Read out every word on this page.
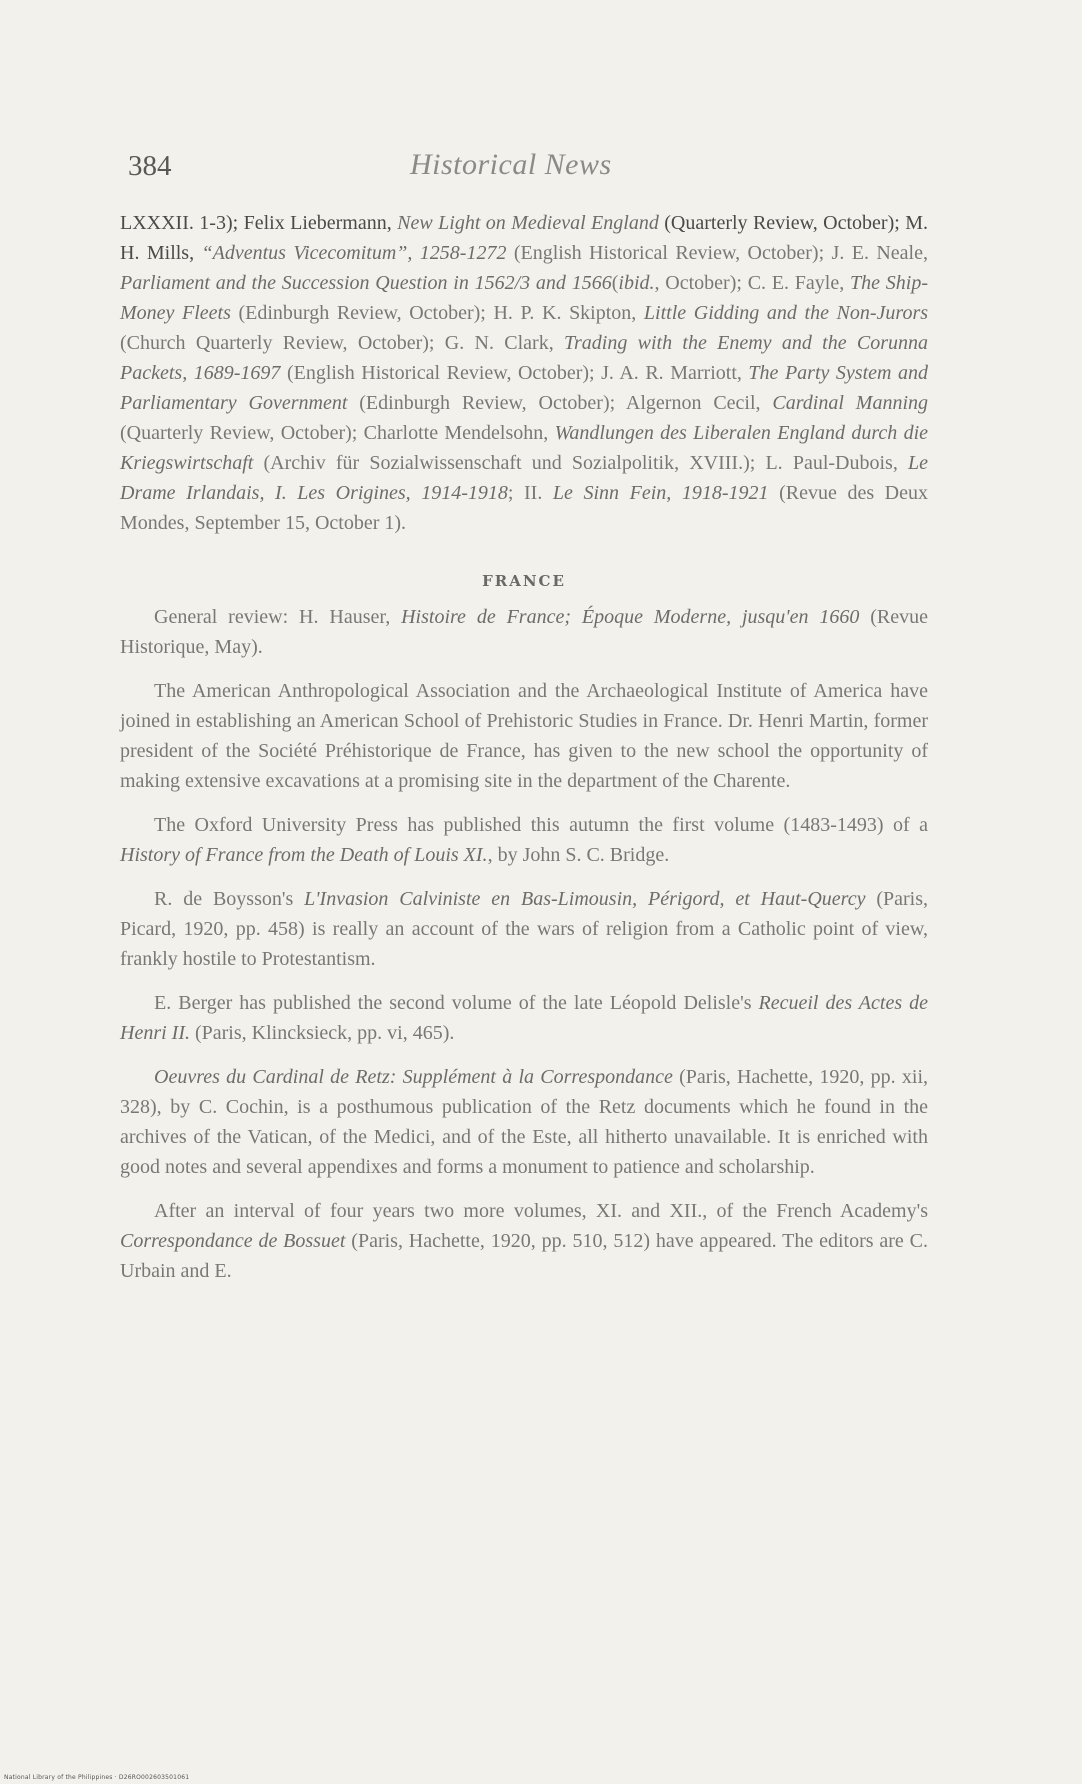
384	Historical News

LXXXII. 1-3); Felix Liebermann, New Light on Medieval England (Quarterly Review, October); M. H. Mills, “Adventus Vicecomitum”, 1258-1272 (English Historical Review, October); J. E. Neale, Parliament and the Succession Question in 1562/3 and 1566(ibid., October); C. E. Fayle, The Ship-Money Fleets (Edinburgh Review, October); H. P. K. Skipton, Little Gidding and the Non-Jurors (Church Quarterly Review, October); G. N. Clark, Trading with the Enemy and the Corunna Packets, 1689-1697 (English Historical Review, October); J. A. R. Marriott, The Party System and Parliamentary Government (Edinburgh Review, October); Algernon Cecil, Cardinal Manning (Quarterly Review, October); Charlotte Mendelsohn, Wandlungen des Liberalen England durch die Kriegswirtschaft (Archiv für Sozialwissenschaft und Sozialpolitik, XVIII.); L. Paul-Dubois, Le Drame Irlandais, I. Les Origines, 1914-1918; II. Le Sinn Fein, 1918-1921 (Revue des Deux Mondes, September 15, October 1).

FRANCE

General review: H. Hauser, Histoire de France; Époque Moderne, jusqu'en 1660 (Revue Historique, May).

The American Anthropological Association and the Archaeological Institute of America have joined in establishing an American School of Prehistoric Studies in France. Dr. Henri Martin, former president of the Société Préhistorique de France, has given to the new school the opportunity of making extensive excavations at a promising site in the department of the Charente.

The Oxford University Press has published this autumn the first volume (1483-1493) of a History of France from the Death of Louis XI., by John S. C. Bridge.

R. de Boysson's L'Invasion Calviniste en Bas-Limousin, Périgord, et Haut-Quercy (Paris, Picard, 1920, pp. 458) is really an account of the wars of religion from a Catholic point of view, frankly hostile to Protestantism.

E. Berger has published the second volume of the late Léopold Delisle's Recueil des Actes de Henri II. (Paris, Klincksieck, pp. vi, 465).

Oeuvres du Cardinal de Retz: Supplément à la Correspondance (Paris, Hachette, 1920, pp. xii, 328), by C. Cochin, is a posthumous publication of the Retz documents which he found in the archives of the Vatican, of the Medici, and of the Este, all hitherto unavailable. It is enriched with good notes and several appendixes and forms a monument to patience and scholarship.

After an interval of four years two more volumes, XI. and XII., of the French Academy's Correspondance de Bossuet (Paris, Hachette, 1920, pp. 510, 512) have appeared. The editors are C. Urbain and E.

National Library of the Philippines · D26RO002603501061
